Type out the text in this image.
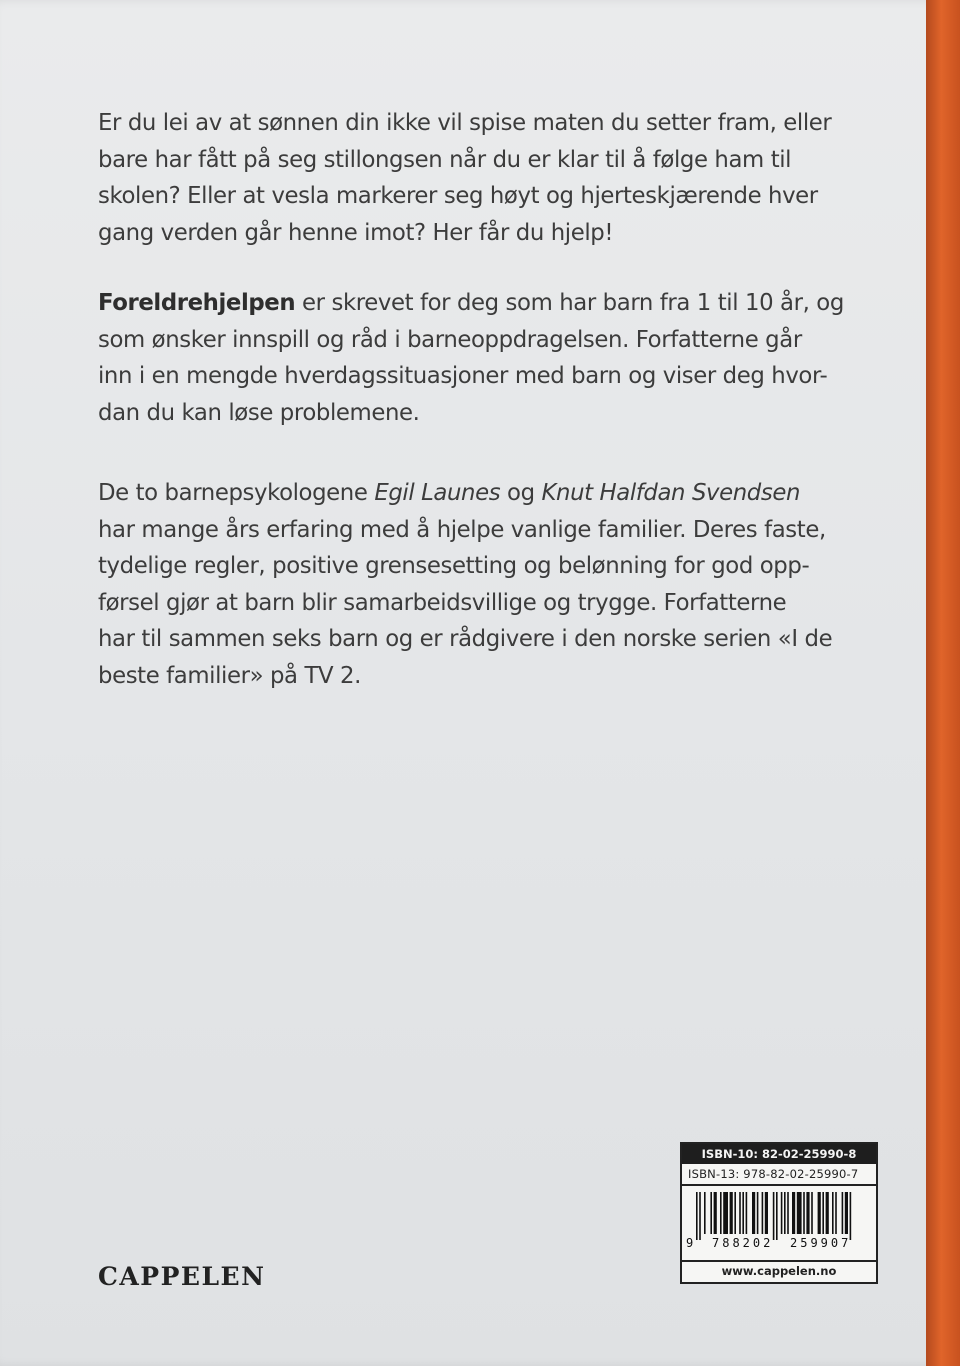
Er du lei av at sønnen din ikke vil spise maten du setter fram, eller
bare har fått på seg stillongsen når du er klar til å følge ham til
skolen? Eller at vesla markerer seg høyt og hjerteskjærende hver
gang verden går henne imot? Her får du hjelp!
Foreldrehjelpen er skrevet for deg som har barn fra 1 til 10 år, og
som ønsker innspill og råd i barneoppdragelsen. Forfatterne går
inn i en mengde hverdagssituasjoner med barn og viser deg hvor-
dan du kan løse problemene.
De to barnepsykologene Egil Launes og Knut Halfdan Svendsen
har mange års erfaring med å hjelpe vanlige familier. Deres faste,
tydelige regler, positive grensesetting og belønning for god opp-
førsel gjør at barn blir samarbeidsvillige og trygge. Forfatterne
har til sammen seks barn og er rådgivere i den norske serien «I de
beste familier» på TV 2.
CAPPELEN
ISBN-10: 82-02-25990-8
ISBN-13: 978-82-02-25990-7
9 788202 259907
www.cappelen.no
